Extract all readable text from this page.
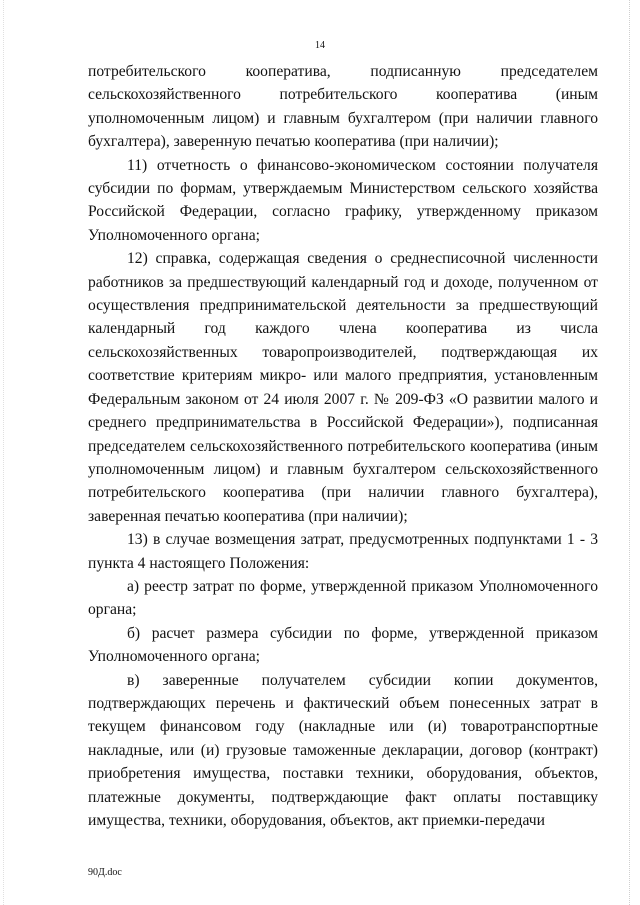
14

потребительского кооператива, подписанную председателем сельскохозяйственного потребительского кооператива (иным уполномоченным лицом) и главным бухгалтером (при наличии главного бухгалтера), заверенную печатью кооператива (при наличии);

11) отчетность о финансово-экономическом состоянии получателя субсидии по формам, утверждаемым Министерством сельского хозяйства Российской Федерации, согласно графику, утвержденному приказом Уполномоченного органа;

12) справка, содержащая сведения о среднесписочной численности работников за предшествующий календарный год и доходе, полученном от осуществления предпринимательской деятельности за предшествующий календарный год каждого члена кооператива из числа сельскохозяйственных товаропроизводителей, подтверждающая их соответствие критериям микро- или малого предприятия, установленным Федеральным законом от 24 июля 2007 г. № 209-ФЗ «О развитии малого и среднего предпринимательства в Российской Федерации»), подписанная председателем сельскохозяйственного потребительского кооператива (иным уполномоченным лицом) и главным бухгалтером сельскохозяйственного потребительского кооператива (при наличии главного бухгалтера), заверенная печатью кооператива (при наличии);

13) в случае возмещения затрат, предусмотренных подпунктами 1 - 3 пункта 4 настоящего Положения:

а) реестр затрат по форме, утвержденной приказом Уполномоченного органа;

б) расчет размера субсидии по форме, утвержденной приказом Уполномоченного органа;

в) заверенные получателем субсидии копии документов, подтверждающих перечень и фактический объем понесенных затрат в текущем финансовом году (накладные или (и) товаротранспортные накладные, или (и) грузовые таможенные декларации, договор (контракт) приобретения имущества, поставки техники, оборудования, объектов, платежные документы, подтверждающие факт оплаты поставщику имущества, техники, оборудования, объектов, акт приемки-передачи

90Д.doc
